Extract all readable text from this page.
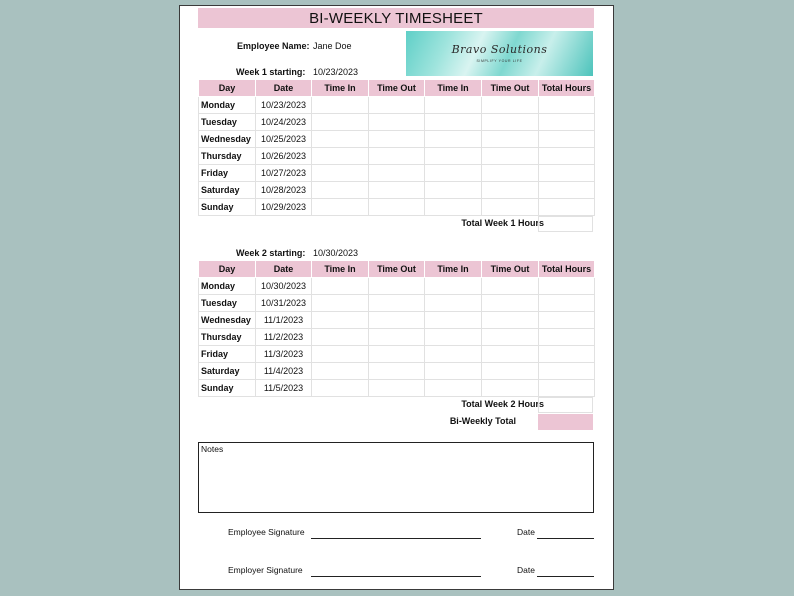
BI-WEEKLY TIMESHEET
Employee Name: Jane Doe	Bravo Solutions
SIMPLIFY YOUR LIFE
Week 1 starting: 10/23/2023
Day	Date	Time In	Time Out	Time In	Time Out	Total Hours
Monday	10/23/2023					
Tuesday	10/24/2023					
Wednesday	10/25/2023					
Thursday	10/26/2023					
Friday	10/27/2023					
Saturday	10/28/2023					
Sunday	10/29/2023					
Total Week 1 Hours
Week 2 starting: 10/30/2023
Day	Date	Time In	Time Out	Time In	Time Out	Total Hours
Monday	10/30/2023					
Tuesday	10/31/2023					
Wednesday	11/1/2023					
Thursday	11/2/2023					
Friday	11/3/2023					
Saturday	11/4/2023					
Sunday	11/5/2023					
Total Week 2 Hours
Bi-Weekly Total
Notes
Employee Signature	Date
Employer Signature	Date
